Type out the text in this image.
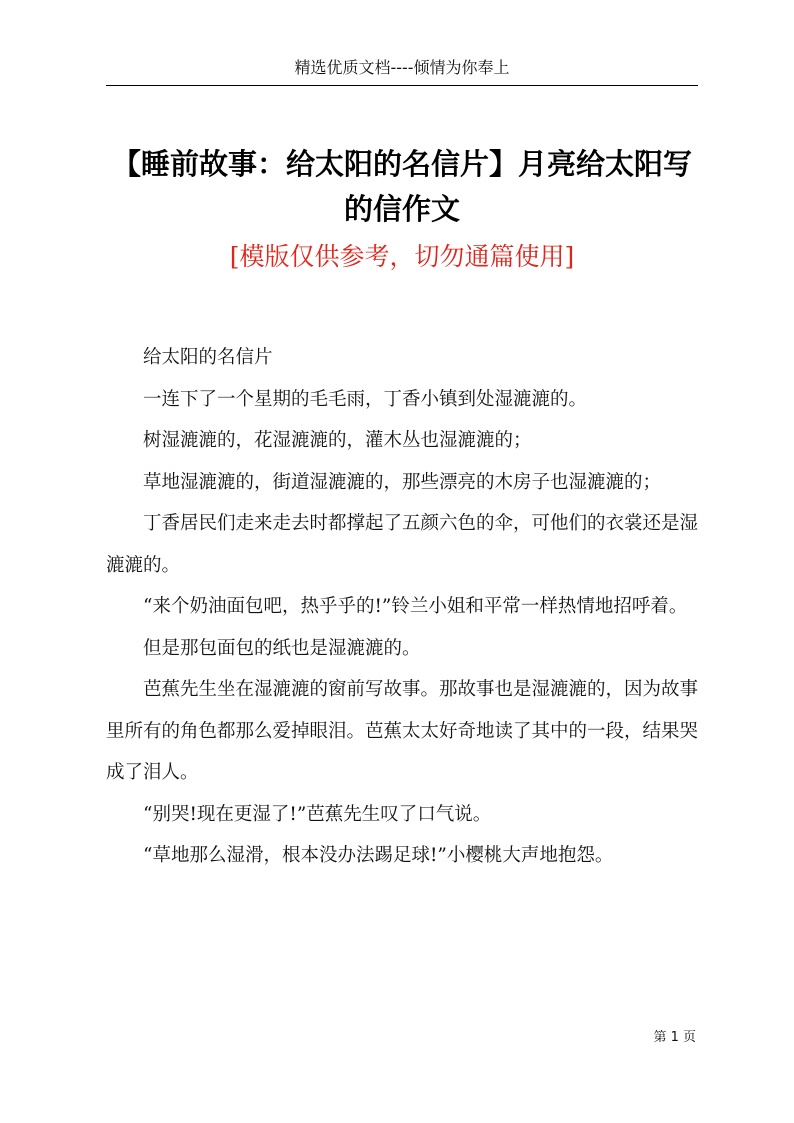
精选优质文档----倾情为你奉上
【睡前故事：给太阳的名信片】月亮给太阳写的信作文
[模版仅供参考，切勿通篇使用]

给太阳的名信片

一连下了一个星期的毛毛雨，丁香小镇到处湿漉漉的。

树湿漉漉的，花湿漉漉的，灌木丛也湿漉漉的；

草地湿漉漉的，街道湿漉漉的，那些漂亮的木房子也湿漉漉的；

丁香居民们走来走去时都撑起了五颜六色的伞，可他们的衣裳还是湿漉漉的。

“来个奶油面包吧，热乎乎的!”铃兰小姐和平常一样热情地招呼着。

但是那包面包的纸也是湿漉漉的。

芭蕉先生坐在湿漉漉的窗前写故事。那故事也是湿漉漉的，因为故事里所有的角色都那么爱掉眼泪。芭蕉太太好奇地读了其中的一段，结果哭成了泪人。

“别哭!现在更湿了!”芭蕉先生叹了口气说。

“草地那么湿滑，根本没办法踢足球!”小樱桃大声地抱怨。

第 1 页
